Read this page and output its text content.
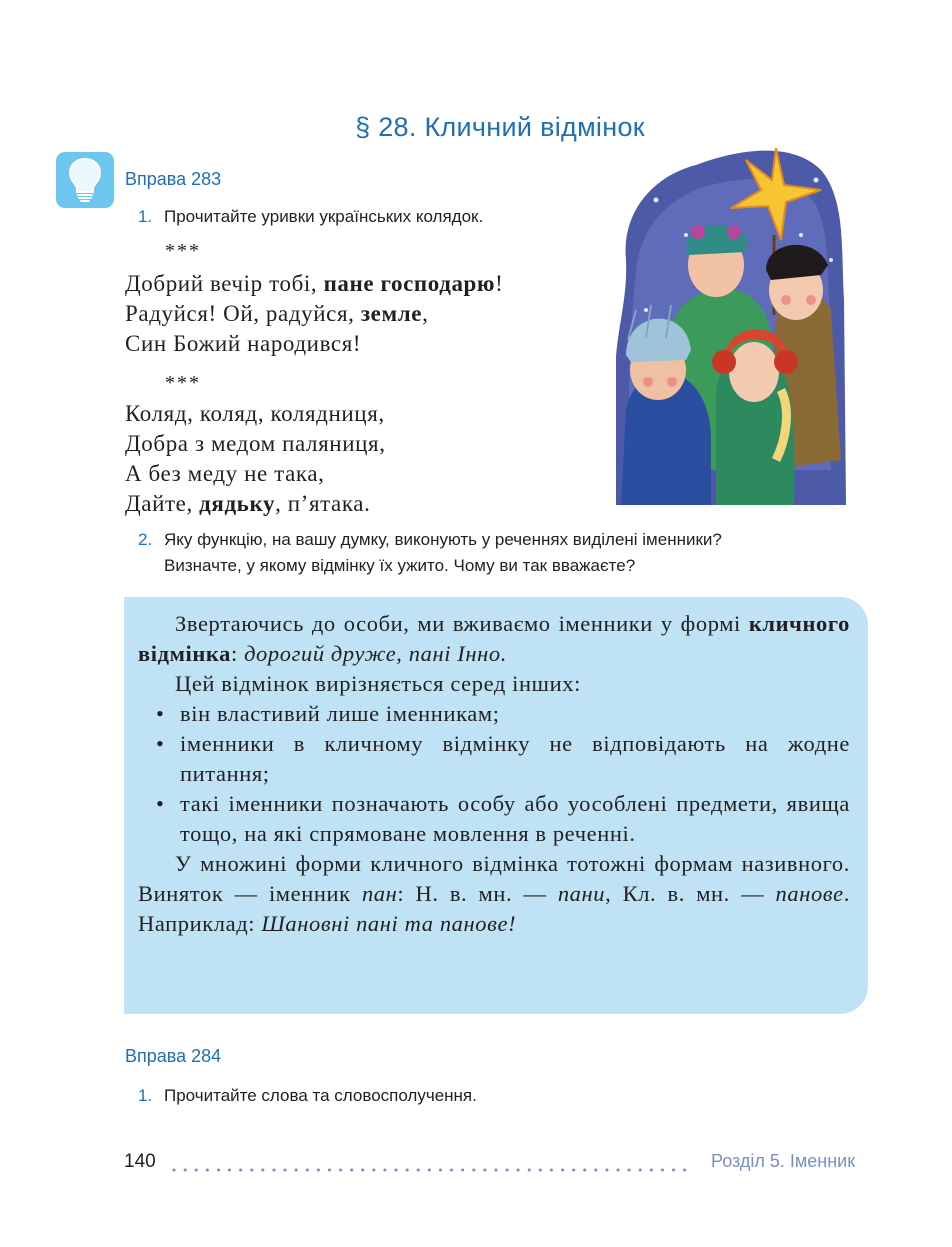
§ 28. Кличний відмінок
Вправа 283
1. Прочитайте уривки українських колядок.
***
Добрий вечір тобі, пане господарю!
Радуйся! Ой, радуйся, земле,
Син Божий народився!
***
Коляд, коляд, колядниця,
Добра з медом паляниця,
А без меду не така,
Дайте, дядьку, п’ятака.
2. Яку функцію, на вашу думку, виконують у реченнях виділені іменники?
Визначте, у якому відмінку їх ужито. Чому ви так вважаєте?

Звертаючись до особи, ми вживаємо іменники у формі кличного відмінка: дорогий друже, пані Інно.

Цей відмінок вирізняється серед інших:

• він властивий лише іменникам;
• іменники в кличному відмінку не відповідають на жодне питання;
• такі іменники позначають особу або уособлені предмети, явища тощо, на які спрямоване мовлення в реченні.

У множині форми кличного відмінка тотожні формам називного. Виняток — іменник пан: Н. в. мн. — пани, Кл. в. мн. — панове. Наприклад: Шановні пані та панове!

Вправа 284
1. Прочитайте слова та словосполучення.
140	Розділ 5. Іменник
